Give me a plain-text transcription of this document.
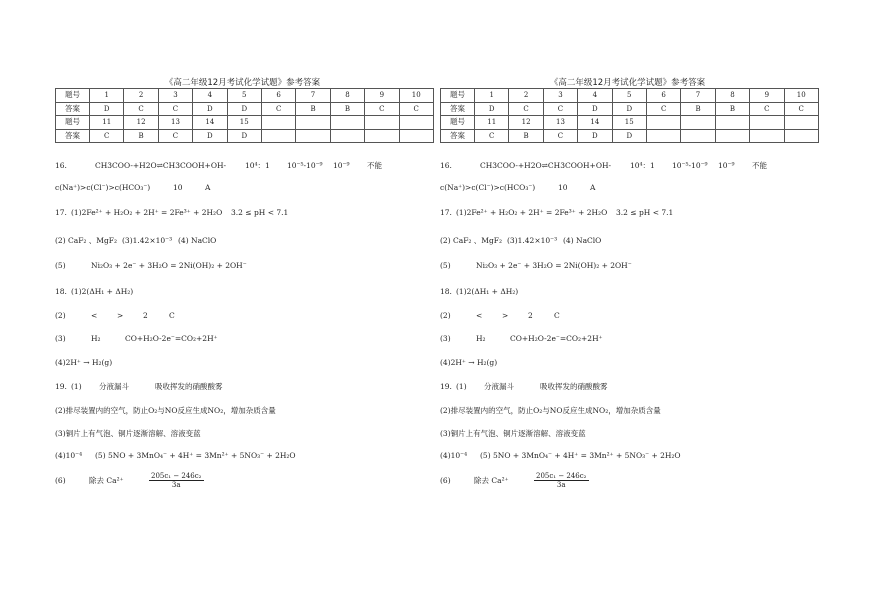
《高二年级12月考试化学试题》参考答案
题号	1	2	3	4	5	6	7	8	9	10
答案	D	C	C	D	D	C	B	B	C	C
题号	11	12	13	14	15					
答案	C	B	C	D	D					
16.	CH3COO-+H2O⇌CH3COOH+OH-	10⁴：1 10⁻⁵-10⁻⁹ 10⁻⁹ 不能
c(Na⁺)>c(Cl⁻)>c(HCO₃⁻)	10	A
17. (1)2Fe²⁺ + H₂O₂ + 2H⁺ = 2Fe³⁺ + 2H₂O 3.2 ≤ pH < 7.1
(2) CaF₂ 、MgF₂ (3)1.42×10⁻³ (4) NaClO
(5)	Ni₂O₃ + 2e⁻ + 3H₂O = 2Ni(OH)₂ + 2OH⁻
18. (1)2(ΔH₁ + ΔH₂)
(2)	<	>	2	C
(3)	H₂	CO+H₂O-2e⁻=CO₂+2H⁺
(4)2H⁺ → H₂(g)
19. (1) 分液漏斗	吸收挥发的硝酸酸雾
(2)排尽装置内的空气，防止O₂与NO反应生成NO₂，增加杂质含量
(3)铜片上有气泡、铜片逐渐溶解、溶液变蓝
(4)10⁻⁴ (5) 5NO + 3MnO₄⁻ + 4H⁺ = 3Mn²⁺ + 5NO₃⁻ + 2H₂O
(6)	除去 Ca²⁺	$\frac{\text{205c₁ − 246c₂}}{3a}$
《高二年级12月考试化学试题》参考答案
题号	1	2	3	4	5	6	7	8	9	10
答案	D	C	C	D	D	C	B	B	C	C
题号	11	12	13	14	15					
答案	C	B	C	D	D					
16.	CH3COO-+H2O⇌CH3COOH+OH-	10⁴：1 10⁻⁵-10⁻⁹ 10⁻⁹ 不能
c(Na⁺)>c(Cl⁻)>c(HCO₃⁻)	10	A
17. (1)2Fe²⁺ + H₂O₂ + 2H⁺ = 2Fe³⁺ + 2H₂O 3.2 ≤ pH < 7.1
(2) CaF₂ 、MgF₂ (3)1.42×10⁻³ (4) NaClO
(5)	Ni₂O₃ + 2e⁻ + 3H₂O = 2Ni(OH)₂ + 2OH⁻
18. (1)2(ΔH₁ + ΔH₂)
(2)	<	>	2	C
(3)	H₂	CO+H₂O-2e⁻=CO₂+2H⁺
(4)2H⁺ → H₂(g)
19. (1) 分液漏斗	吸收挥发的硝酸酸雾
(2)排尽装置内的空气，防止O₂与NO反应生成NO₂，增加杂质含量
(3)铜片上有气泡、铜片逐渐溶解、溶液变蓝
(4)10⁻⁴ (5) 5NO + 3MnO₄⁻ + 4H⁺ = 3Mn²⁺ + 5NO₃⁻ + 2H₂O
(6)	除去 Ca²⁺	$\frac{\text{205c₁ − 246c₂}}{3a}$
